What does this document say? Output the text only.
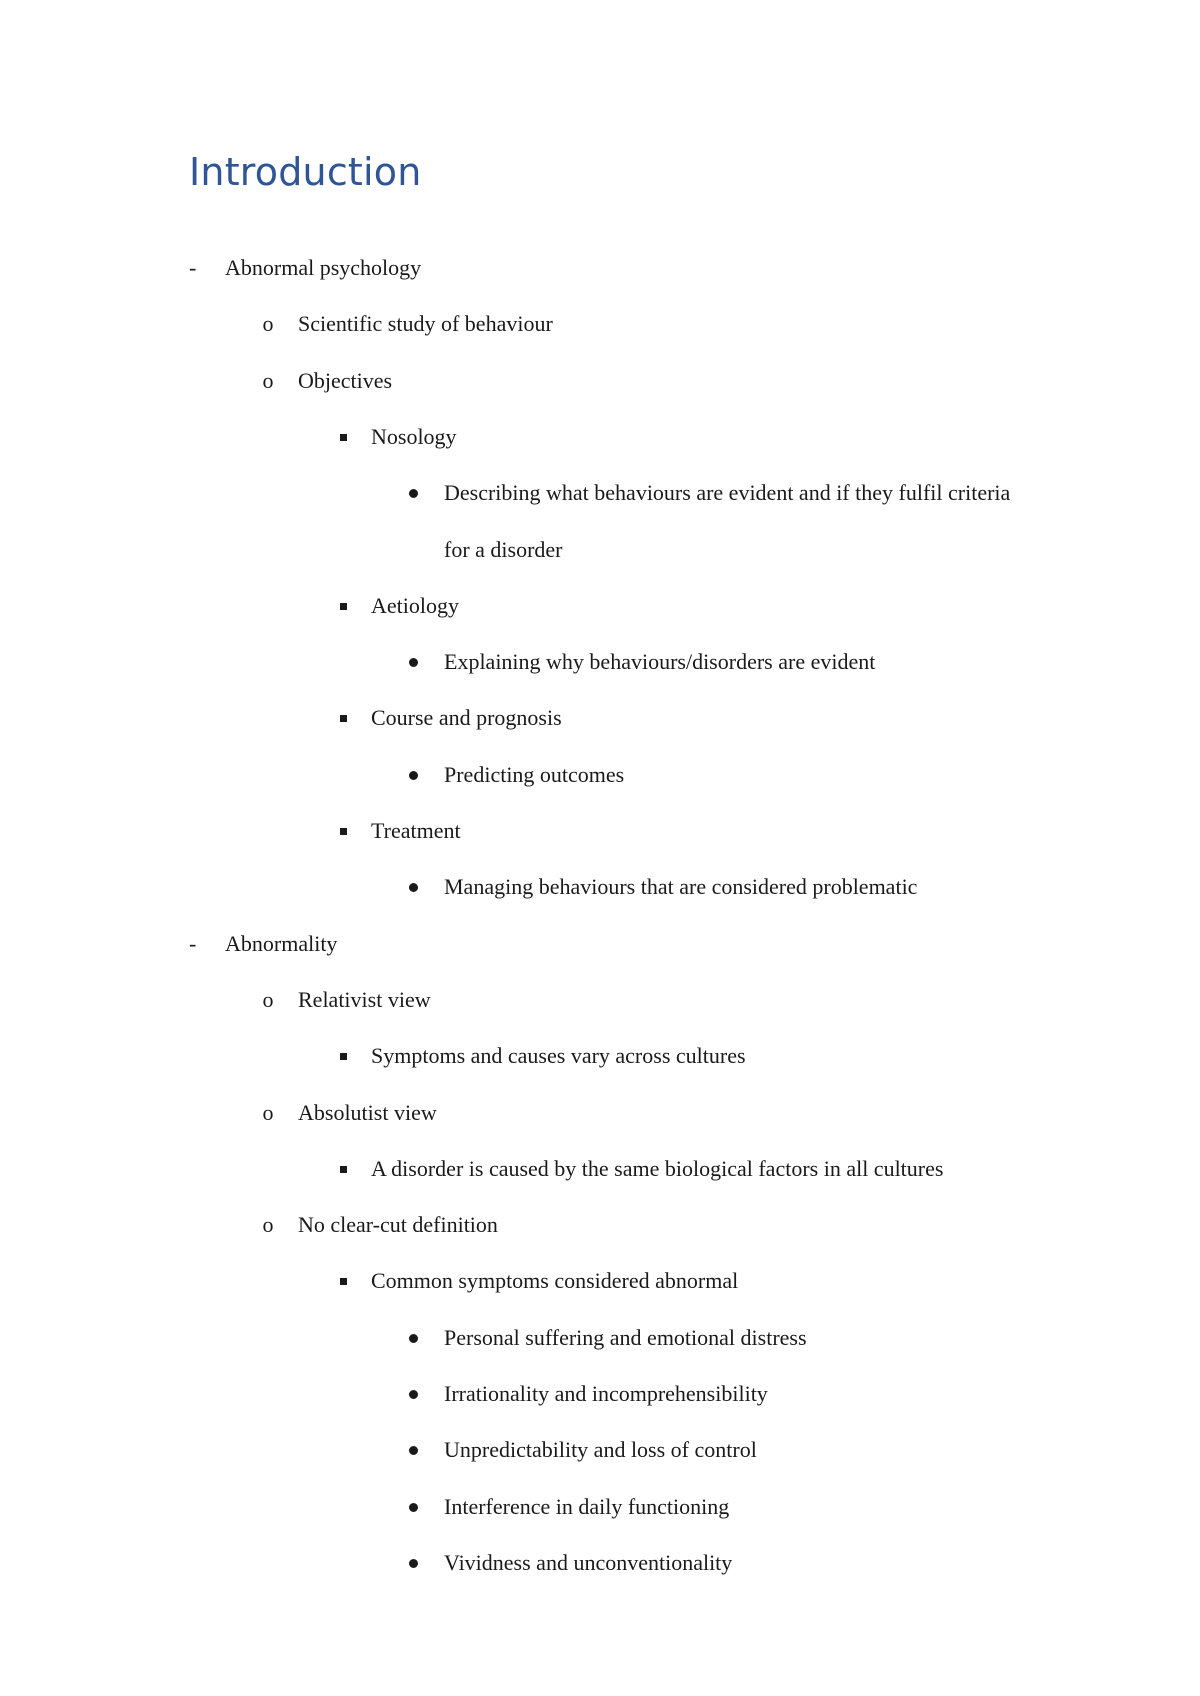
Introduction
-	Abnormal psychology
o Scientific study of behaviour
o Objectives
Nosology
Describing what behaviours are evident and if they fulfil criteria
for a disorder
Aetiology
Explaining why behaviours/disorders are evident
Course and prognosis
Predicting outcomes
Treatment
Managing behaviours that are considered problematic
-	Abnormality
o Relativist view
Symptoms and causes vary across cultures
o Absolutist view
A disorder is caused by the same biological factors in all cultures
o No clear-cut definition
Common symptoms considered abnormal
Personal suffering and emotional distress
Irrationality and incomprehensibility
Unpredictability and loss of control
Interference in daily functioning
Vividness and unconventionality
